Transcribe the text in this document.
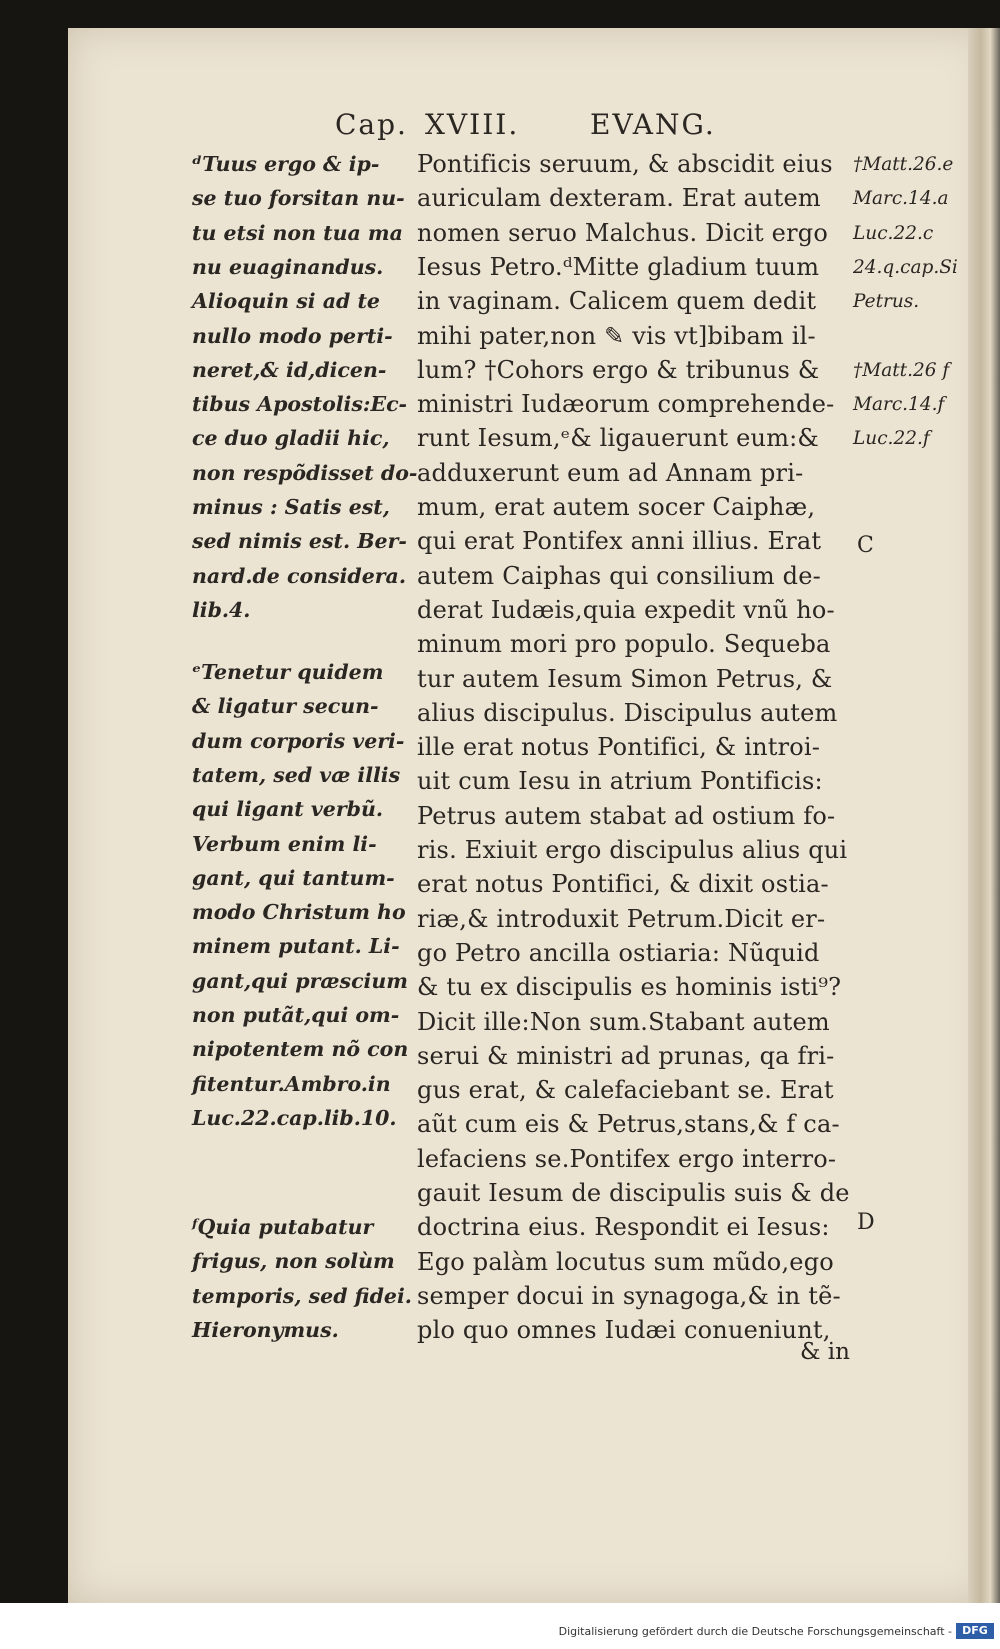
Cap. XVIII.	EVANG.
Pontificis seruum, & abscidit eius
auriculam dexteram. Erat autem
nomen seruo Malchus. Dicit ergo
Iesus Petro.ᵈMitte gladium tuum
in vaginam. Calicem quem dedit
mihi pater,non ✎ vis vt]bibam il-
lum? †Cohors ergo & tribunus &
ministri Iudæorum comprehende-
runt Iesum,ᵉ& ligauerunt eum:&
adduxerunt eum ad Annam pri-
mum, erat autem socer Caiphæ,
qui erat Pontifex anni illius. Erat
autem Caiphas qui consilium de-
derat Iudæis,quia expedit vnũ ho-
minum mori pro populo. Sequeba
tur autem Iesum Simon Petrus, &
alius discipulus. Discipulus autem
ille erat notus Pontifici, & introi-
uit cum Iesu in atrium Pontificis:
Petrus autem stabat ad ostium fo-
ris. Exiuit ergo discipulus alius qui
erat notus Pontifici, & dixit ostia-
riæ,& introduxit Petrum.Dicit er-
go Petro ancilla ostiaria: Nũquid
& tu ex discipulis es hominis isti⁹?
Dicit ille:Non sum.Stabant autem
serui & ministri ad prunas, qa fri-
gus erat, & calefaciebant se. Erat
aũt cum eis & Petrus,stans,& f ca-
lefaciens se.Pontifex ergo interro-
gauit Iesum de discipulis suis & de
doctrina eius. Respondit ei Iesus:
Ego palàm locutus sum mũdo,ego
semper docui in synagoga,& in tẽ-
plo quo omnes Iudæi conueniunt,
ᵈTuus ergo & ip-
se tuo forsitan nu-
tu etsi non tua ma
nu euaginandus.
Alioquin si ad te
nullo modo perti-
neret,& id,dicen-
tibus Apostolis:Ec-
ce duo gladii hic,
non respõdisset do-
minus : Satis est,
sed nimis est. Ber-
nard.de considera.
lib.4.
ᵉTenetur quidem
& ligatur secun-
dum corporis veri-
tatem, sed væ illis
qui ligant verbũ.
Verbum enim li-
gant, qui tantum-
modo Christum ho
minem putant. Li-
gant,qui præscium
non putãt,qui om-
nipotentem nõ con
fitentur.Ambro.in
Luc.22.cap.lib.10.
ᶠQuia putabatur
frigus, non solùm
temporis, sed fidei.
Hieronymus.
†Matt.26.e
Marc.14.a
Luc.22.c
24.q.cap.Si
Petrus.
†Matt.26 f
Marc.14.f
Luc.22.f
C
D
& in
Digitalisierung gefördert durch die Deutsche Forschungsgemeinschaft - DFG
